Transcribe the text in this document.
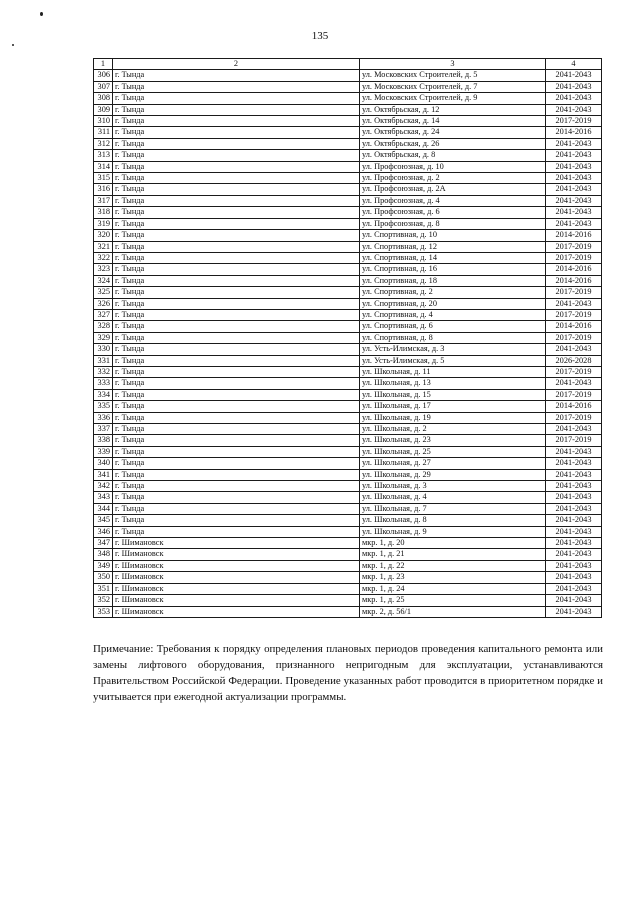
135
1	2	3	4
306	г. Тында	ул. Московских Строителей, д. 5	2041-2043
307	г. Тында	ул. Московских Строителей, д. 7	2041-2043
308	г. Тында	ул. Московских Строителей, д. 9	2041-2043
309	г. Тында	ул. Октябрьская, д. 12	2041-2043
310	г. Тында	ул. Октябрьская, д. 14	2017-2019
311	г. Тында	ул. Октябрьская, д. 24	2014-2016
312	г. Тында	ул. Октябрьская, д. 26	2041-2043
313	г. Тында	ул. Октябрьская, д. 8	2041-2043
314	г. Тында	ул. Профсоюзная, д. 10	2041-2043
315	г. Тында	ул. Профсоюзная, д. 2	2041-2043
316	г. Тында	ул. Профсоюзная, д. 2А	2041-2043
317	г. Тында	ул. Профсоюзная, д. 4	2041-2043
318	г. Тында	ул. Профсоюзная, д. 6	2041-2043
319	г. Тында	ул. Профсоюзная, д. 8	2041-2043
320	г. Тында	ул. Спортивная, д. 10	2014-2016
321	г. Тында	ул. Спортивная, д. 12	2017-2019
322	г. Тында	ул. Спортивная, д. 14	2017-2019
323	г. Тында	ул. Спортивная, д. 16	2014-2016
324	г. Тында	ул. Спортивная, д. 18	2014-2016
325	г. Тында	ул. Спортивная, д. 2	2017-2019
326	г. Тында	ул. Спортивная, д. 20	2041-2043
327	г. Тында	ул. Спортивная, д. 4	2017-2019
328	г. Тында	ул. Спортивная, д. 6	2014-2016
329	г. Тында	ул. Спортивная, д. 8	2017-2019
330	г. Тында	ул. Усть-Илимская, д. 3	2041-2043
331	г. Тында	ул. Усть-Илимская, д. 5	2026-2028
332	г. Тында	ул. Школьная, д. 11	2017-2019
333	г. Тында	ул. Школьная, д. 13	2041-2043
334	г. Тында	ул. Школьная, д. 15	2017-2019
335	г. Тында	ул. Школьная, д. 17	2014-2016
336	г. Тында	ул. Школьная, д. 19	2017-2019
337	г. Тында	ул. Школьная, д. 2	2041-2043
338	г. Тында	ул. Школьная, д. 23	2017-2019
339	г. Тында	ул. Школьная, д. 25	2041-2043
340	г. Тында	ул. Школьная, д. 27	2041-2043
341	г. Тында	ул. Школьная, д. 29	2041-2043
342	г. Тында	ул. Школьная, д. 3	2041-2043
343	г. Тында	ул. Школьная, д. 4	2041-2043
344	г. Тында	ул. Школьная, д. 7	2041-2043
345	г. Тында	ул. Школьная, д. 8	2041-2043
346	г. Тында	ул. Школьная, д. 9	2041-2043
347	г. Шимановск	мкр. 1, д. 20	2041-2043
348	г. Шимановск	мкр. 1, д. 21	2041-2043
349	г. Шимановск	мкр. 1, д. 22	2041-2043
350	г. Шимановск	мкр. 1, д. 23	2041-2043
351	г. Шимановск	мкр. 1, д. 24	2041-2043
352	г. Шимановск	мкр. 1, д. 25	2041-2043
353	г. Шимановск	мкр. 2, д. 56/1	2041-2043

Примечание: Требования к порядку определения плановых периодов проведения капитального ремонта или замены лифтового оборудования, признанного непригодным для эксплуатации, устанавливаются Правительством Российской Федерации. Проведение указанных работ проводится в приоритетном порядке и учитывается при ежегодной актуализации программы.
